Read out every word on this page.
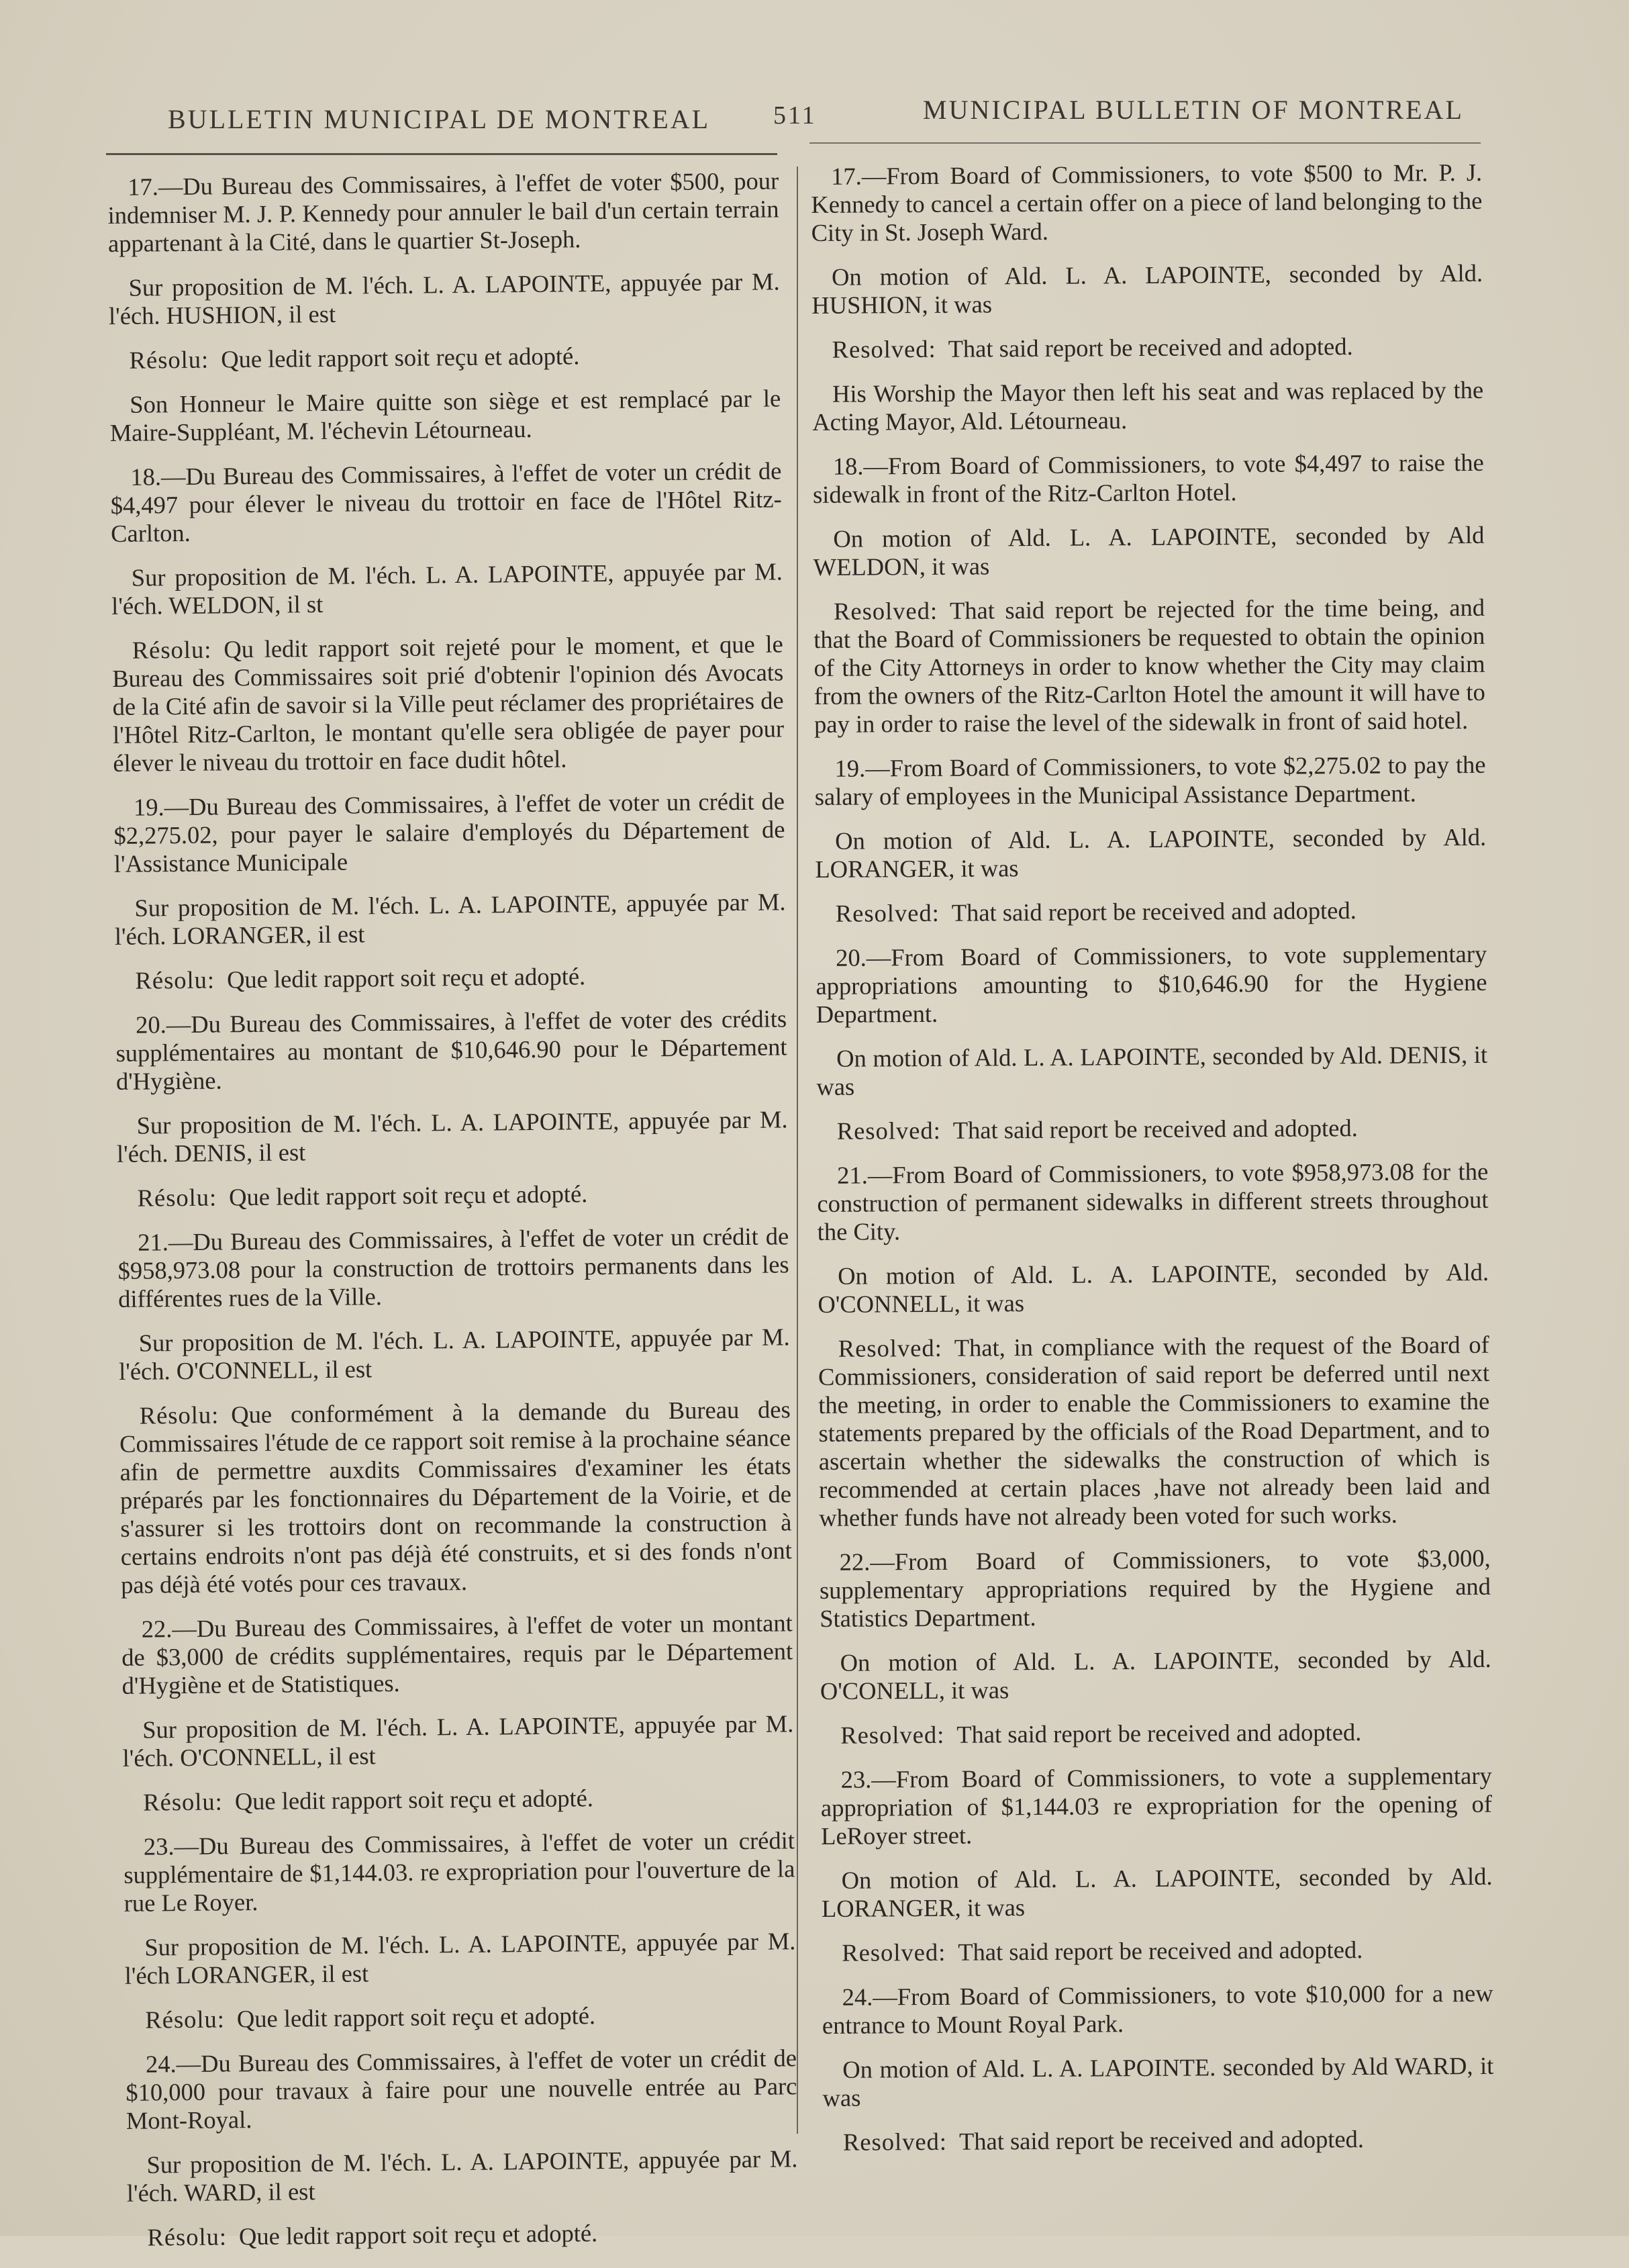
BULLETIN MUNICIPAL DE MONTREAL 511	MUNICIPAL BULLETIN OF MONTREAL

17.—Du Bureau des Commissaires, à l'effet de voter $500, pour indemniser M. J. P. Kennedy pour annuler le bail d'un certain terrain appartenant à la Cité, dans le quartier St-Joseph.

Sur proposition de M. l'éch. L. A. LAPOINTE, appuyée par M. l'éch. HUSHION, il est

Résolu: Que ledit rapport soit reçu et adopté.

Son Honneur le Maire quitte son siège et est remplacé par le Maire-Suppléant, M. l'échevin Létourneau.

18.—Du Bureau des Commissaires, à l'effet de voter un crédit de $4,497 pour élever le niveau du trottoir en face de l'Hôtel Ritz-Carlton.

Sur proposition de M. l'éch. L. A. LAPOINTE, appuyée par M. l'éch. WELDON, il st

Résolu: Qu ledit rapport soit rejeté pour le moment, et que le Bureau des Commissaires soit prié d'obtenir l'opinion dés Avocats de la Cité afin de savoir si la Ville peut réclamer des propriétaires de l'Hôtel Ritz-Carlton, le montant qu'elle sera obligée de payer pour élever le niveau du trottoir en face dudit hôtel.

19.—Du Bureau des Commissaires, à l'effet de voter un crédit de $2,275.02, pour payer le salaire d'employés du Département de l'Assistance Municipale

Sur proposition de M. l'éch. L. A. LAPOINTE, appuyée par M. l'éch. LORANGER, il est

Résolu: Que ledit rapport soit reçu et adopté.

20.—Du Bureau des Commissaires, à l'effet de voter des crédits supplémentaires au montant de $10,646.90 pour le Département d'Hygiène.

Sur proposition de M. l'éch. L. A. LAPOINTE, appuyée par M. l'éch. DENIS, il est

Résolu: Que ledit rapport soit reçu et adopté.

21.—Du Bureau des Commissaires, à l'effet de voter un crédit de $958,973.08 pour la construction de trottoirs permanents dans les différentes rues de la Ville.

Sur proposition de M. l'éch. L. A. LAPOINTE, appuyée par M. l'éch. O'CONNELL, il est

Résolu: Que conformément à la demande du Bureau des Commissaires l'étude de ce rapport soit remise à la prochaine séance afin de permettre auxdits Commissaires d'examiner les états préparés par les fonctionnaires du Département de la Voirie, et de s'assurer si les trottoirs dont on recommande la construction à certains endroits n'ont pas déjà été construits, et si des fonds n'ont pas déjà été votés pour ces travaux.

22.—Du Bureau des Commissaires, à l'effet de voter un montant de $3,000 de crédits supplémentaires, requis par le Département d'Hygiène et de Statistiques.

Sur proposition de M. l'éch. L. A. LAPOINTE, appuyée par M. l'éch. O'CONNELL, il est

Résolu: Que ledit rapport soit reçu et adopté.

23.—Du Bureau des Commissaires, à l'effet de voter un crédit supplémentaire de $1,144.03. re expropriation pour l'ouverture de la rue Le Royer.

Sur proposition de M. l'éch. L. A. LAPOINTE, appuyée par M. l'éch LORANGER, il est

Résolu: Que ledit rapport soit reçu et adopté.

24.—Du Bureau des Commissaires, à l'effet de voter un crédit de $10,000 pour travaux à faire pour une nouvelle entrée au Parc Mont-Royal.

Sur proposition de M. l'éch. L. A. LAPOINTE, appuyée par M. l'éch. WARD, il est

Résolu: Que ledit rapport soit reçu et adopté.

17.—From Board of Commissioners, to vote $500 to Mr. P. J. Kennedy to cancel a certain offer on a piece of land belonging to the City in St. Joseph Ward.

On motion of Ald. L. A. LAPOINTE, seconded by Ald. HUSHION, it was

Resolved: That said report be received and adopted.

His Worship the Mayor then left his seat and was replaced by the Acting Mayor, Ald. Létourneau.

18.—From Board of Commissioners, to vote $4,497 to raise the sidewalk in front of the Ritz-Carlton Hotel.

On motion of Ald. L. A. LAPOINTE, seconded by Ald WELDON, it was

Resolved: That said report be rejected for the time being, and that the Board of Commissioners be requested to obtain the opinion of the City Attorneys in order to know whether the City may claim from the owners of the Ritz-Carlton Hotel the amount it will have to pay in order to raise the level of the sidewalk in front of said hotel.

19.—From Board of Commissioners, to vote $2,275.02 to pay the salary of employees in the Municipal Assistance Department.

On motion of Ald. L. A. LAPOINTE, seconded by Ald. LORANGER, it was

Resolved: That said report be received and adopted.

20.—From Board of Commissioners, to vote supplementary appropriations amounting to $10,646.90 for the Hygiene Department.

On motion of Ald. L. A. LAPOINTE, seconded by Ald. DENIS, it was

Resolved: That said report be received and adopted.

21.—From Board of Commissioners, to vote $958,973.08 for the construction of permanent sidewalks in different streets throughout the City.

On motion of Ald. L. A. LAPOINTE, seconded by Ald. O'CONNELL, it was

Resolved: That, in compliance with the request of the Board of Commissioners, consideration of said report be deferred until next the meeting, in order to enable the Commissioners to examine the statements prepared by the officials of the Road Department, and to ascertain whether the sidewalks the construction of which is recommended at certain places ,have not already been laid and whether funds have not already been voted for such works.

22.—From Board of Commissioners, to vote $3,000, supplementary appropriations required by the Hygiene and Statistics Department.

On motion of Ald. L. A. LAPOINTE, seconded by Ald. O'CONELL, it was

Resolved: That said report be received and adopted.

23.—From Board of Commissioners, to vote a supplementary appropriation of $1,144.03 re expropriation for the opening of LeRoyer street.

On motion of Ald. L. A. LAPOINTE, seconded by Ald. LORANGER, it was

Resolved: That said report be received and adopted.

24.—From Board of Commissioners, to vote $10,000 for a new entrance to Mount Royal Park.

On motion of Ald. L. A. LAPOINTE. seconded by Ald WARD, it was

Resolved: That said report be received and adopted.
